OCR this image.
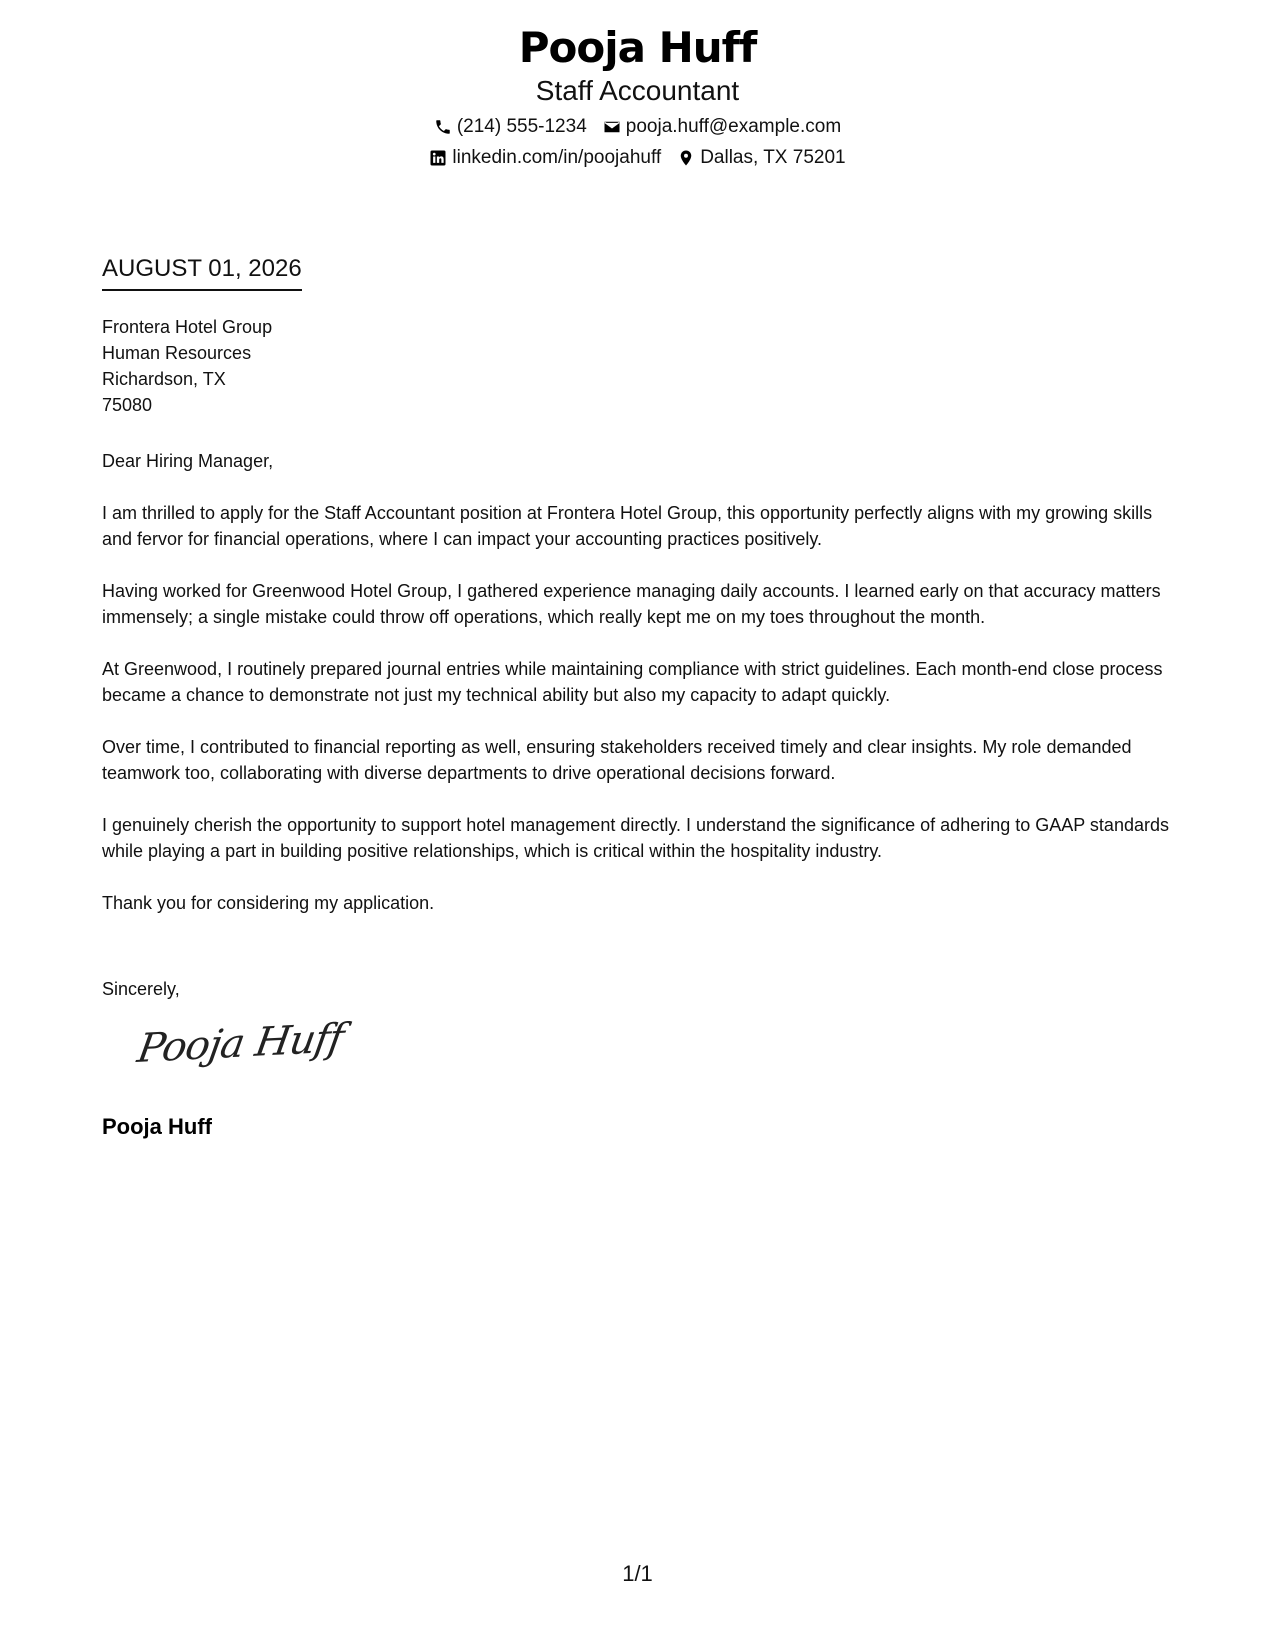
Pooja Huff
Staff Accountant
(214) 555-1234 pooja.huff@example.com
linkedin.com/in/poojahuff Dallas, TX 75201
AUGUST 01, 2026
Frontera Hotel Group
Human Resources
Richardson, TX
75080

Dear Hiring Manager,

I am thrilled to apply for the Staff Accountant position at Frontera Hotel Group, this opportunity perfectly aligns with my growing skills and fervor for financial operations, where I can impact your accounting practices positively.

Having worked for Greenwood Hotel Group, I gathered experience managing daily accounts. I learned early on that accuracy matters immensely; a single mistake could throw off operations, which really kept me on my toes throughout the month.

At Greenwood, I routinely prepared journal entries while maintaining compliance with strict guidelines. Each month-end close process became a chance to demonstrate not just my technical ability but also my capacity to adapt quickly.

Over time, I contributed to financial reporting as well, ensuring stakeholders received timely and clear insights. My role demanded teamwork too, collaborating with diverse departments to drive operational decisions forward.

I genuinely cherish the opportunity to support hotel management directly. I understand the significance of adhering to GAAP standards while playing a part in building positive relationships, which is critical within the hospitality industry.

Thank you for considering my application.

Sincerely,
Pooja Huff
Pooja Huff
1/1
